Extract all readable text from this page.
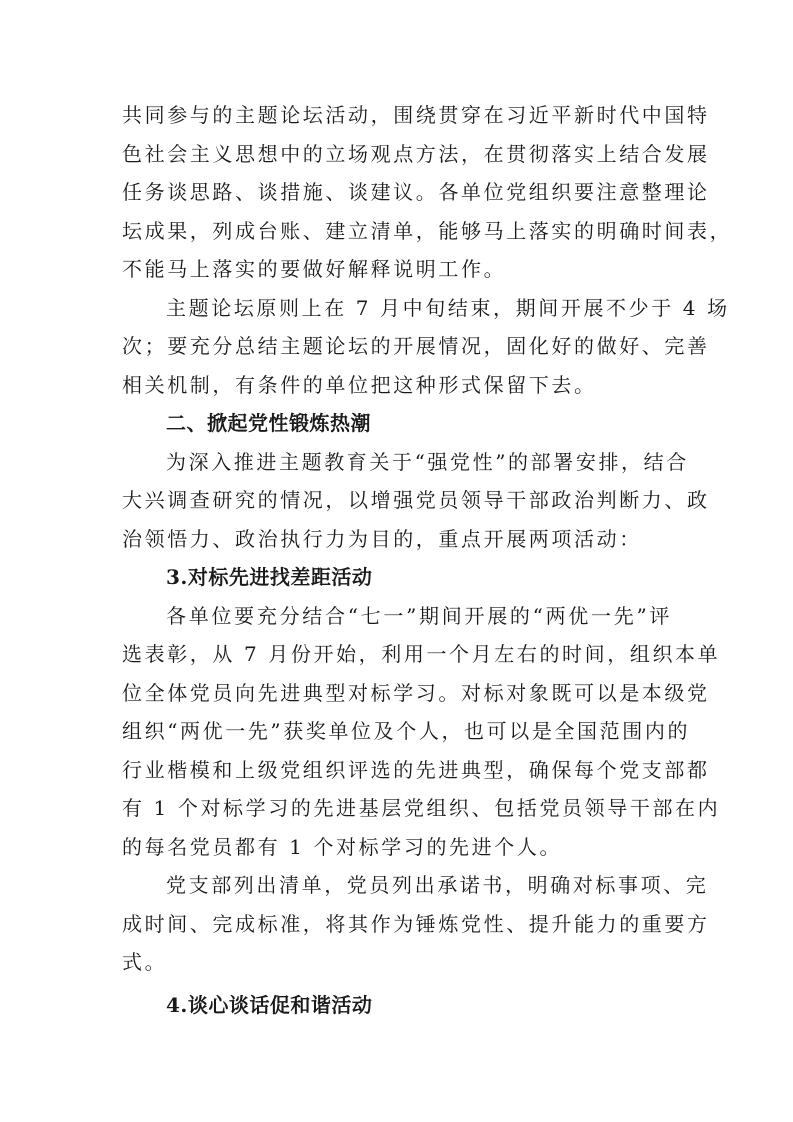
共同参与的主题论坛活动，围绕贯穿在习近平新时代中国特
色社会主义思想中的立场观点方法，在贯彻落实上结合发展
任务谈思路、谈措施、谈建议。各单位党组织要注意整理论
坛成果，列成台账、建立清单，能够马上落实的明确时间表，
不能马上落实的要做好解释说明工作。
主题论坛原则上在 7 月中旬结束，期间开展不少于 4 场
次；要充分总结主题论坛的开展情况，固化好的做好、完善
相关机制，有条件的单位把这种形式保留下去。
二、掀起党性锻炼热潮
为深入推进主题教育关于“强党性”的部署安排，结合
大兴调查研究的情况，以增强党员领导干部政治判断力、政
治领悟力、政治执行力为目的，重点开展两项活动：
3.对标先进找差距活动
各单位要充分结合“七一”期间开展的“两优一先”评
选表彰，从 7 月份开始，利用一个月左右的时间，组织本单
位全体党员向先进典型对标学习。对标对象既可以是本级党
组织“两优一先”获奖单位及个人，也可以是全国范围内的
行业楷模和上级党组织评选的先进典型，确保每个党支部都
有 1 个对标学习的先进基层党组织、包括党员领导干部在内
的每名党员都有 1 个对标学习的先进个人。
党支部列出清单，党员列出承诺书，明确对标事项、完
成时间、完成标准，将其作为锤炼党性、提升能力的重要方
式。
4.谈心谈话促和谐活动
